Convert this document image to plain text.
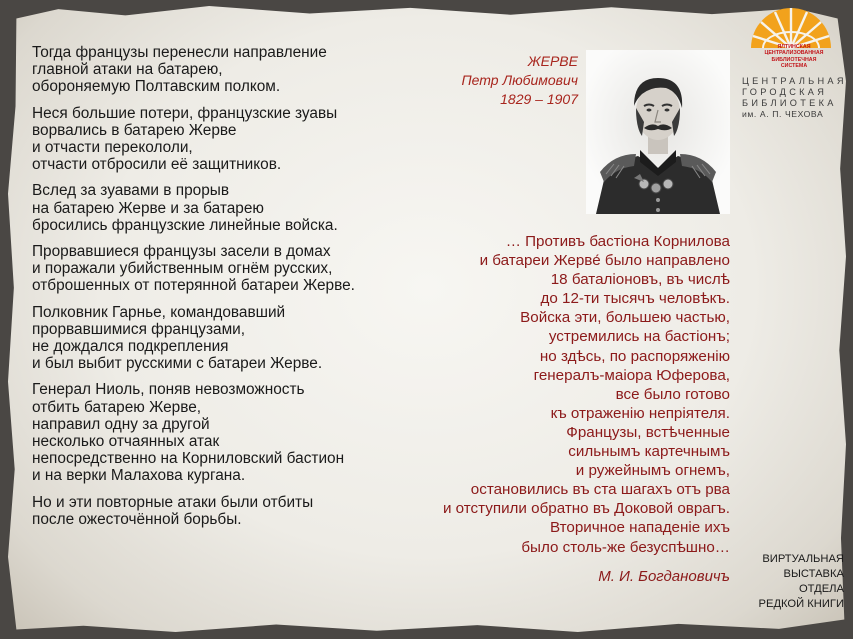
Тогда французы перенесли направление
главной атаки на батарею,
обороняемую Полтавским полком.

Неся большие потери, французские зуавы
ворвались в батарею Жерве
и отчасти перекололи,
отчасти отбросили её защитников.

Вслед за зуавами в прорыв
на батарею Жерве и за батарею
бросились французские линейные войска.

Прорвавшиеся французы засели в домах
и поражали убийственным огнём русских,
отброшенных от потерянной батареи Жерве.

Полковник Гарнье, командовавший
прорвавшимися французами,
не дождался подкрепления
и был выбит русскими с батареи Жерве.

Генерал Ниоль, поняв невозможность
отбить батарею Жерве,
направил одну за другой
несколько отчаянных атак
непосредственно на Корниловский бастион
и на верки Малахова кургана.

Но и эти повторные атаки были отбиты
после ожесточённой борьбы.

ЖЕРВЕ
Петр Любимович
1829 – 1907
… Противъ бастіона Корнилова
и батареи Жерве́ было направлено
18 баталіоновъ, въ числѣ
до 12-ти тысячъ человѣкъ.
Войска эти, большею частью,
устремились на бастіонъ;
но здѣсь, по распоряженію
генералъ-маіора Юферова,
все было готово
къ отраженію непріятеля.
Французы, встѣченные
сильнымъ картечнымъ
и ружейнымъ огнемъ,
остановились въ ста шагахъ отъ рва
и отступили обратно въ Доковой оврагъ.
Вторичное нападеніе ихъ
было столь-же безуспѣшно…
М. И. Богдановичъ
ЯЛТИНСКАЯ ЦЕНТРАЛИЗОВАННАЯ
БИБЛИОТЕЧНАЯ
СИСТЕМА
ЦЕНТРАЛЬНАЯ
ГОРОДСКАЯ
БИБЛИОТЕКА
им. А. П. ЧЕХОВА
ВИРТУАЛЬНАЯ
ВЫСТАВКА
ОТДЕЛА
РЕДКОЙ КНИГИ
